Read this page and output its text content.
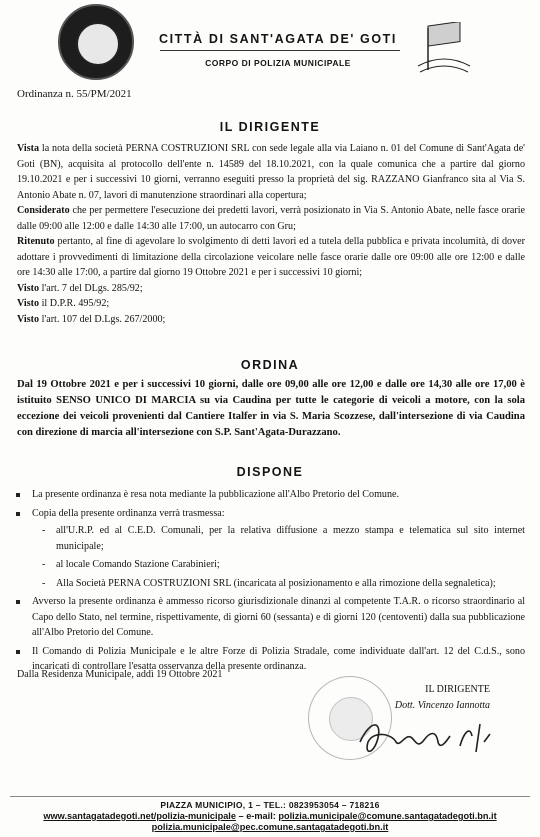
CITTÀ DI SANT'AGATA DE' GOTI
CORPO DI POLIZIA MUNICIPALE
Ordinanza n. 55/PM/2021
IL DIRIGENTE

Vista la nota della società PERNA COSTRUZIONI SRL con sede legale alla via Laiano n. 01 del Comune di Sant'Agata de' Goti (BN), acquisita al protocollo dell'ente n. 14589 del 18.10.2021, con la quale comunica che a partire dal giorno 19.10.2021 e per i successivi 10 giorni, verranno eseguiti presso la proprietà del sig. RAZZANO Gianfranco sita al Via S. Antonio Abate n. 07, lavori di manutenzione straordinari alla copertura;

Considerato che per permettere l'esecuzione dei predetti lavori, verrà posizionato in Via S. Antonio Abate, nelle fasce orarie dalle 09:00 alle 12:00 e dalle 14:30 alle 17:00, un autocarro con Gru;

Ritenuto pertanto, al fine di agevolare lo svolgimento di detti lavori ed a tutela della pubblica e privata incolumità, di dover adottare i provvedimenti di limitazione della circolazione veicolare nelle fasce orarie dalle ore 09:00 alle ore 12:00 e dalle ore 14:30 alle 17:00, a partire dal giorno 19 Ottobre 2021 e per i successivi 10 giorni;

Visto l'art. 7 del DLgs. 285/92;

Visto il D.P.R. 495/92;

Visto l'art. 107 del D.Lgs. 267/2000;

ORDINA

Dal 19 Ottobre 2021 e per i successivi 10 giorni, dalle ore 09,00 alle ore 12,00 e dalle ore 14,30 alle ore 17,00 è istituito SENSO UNICO DI MARCIA su via Caudina per tutte le categorie di veicoli a motore, con la sola eccezione dei veicoli provenienti dal Cantiere Italfer in via S. Maria Scozzese, dall'intersezione di via Caudina con direzione di marcia all'intersezione con S.P. Sant'Agata-Durazzano.

DISPONE
La presente ordinanza è resa nota mediante la pubblicazione all'Albo Pretorio del Comune.
Copia della presente ordinanza verrà trasmessa:
- all'U.R.P. ed al C.E.D. Comunali, per la relativa diffusione a mezzo stampa e telematica sul sito internet municipale;
- al locale Comando Stazione Carabinieri;
- Alla Società PERNA COSTRUZIONI SRL (incaricata al posizionamento e alla rimozione della segnaletica);
Avverso la presente ordinanza è ammesso ricorso giurisdizionale dinanzi al competente T.A.R. o ricorso straordinario al Capo dello Stato, nel termine, rispettivamente, di giorni 60 (sessanta) e di giorni 120 (centoventi) dalla sua pubblicazione all'Albo Pretorio del Comune.
Il Comando di Polizia Municipale e le altre Forze di Polizia Stradale, come individuate dall'art. 12 del C.d.S., sono incaricati di controllare l'esatta osservanza della presente ordinanza.
Dalla Residenza Municipale, addì 19 Ottobre 2021
IL DIRIGENTE
Dott. Vincenzo Iannotta
PIAZZA MUNICIPIO, 1 – TEL.: 0823953054 – 718216
www.santagatadegoti.net/polizia-municipale – e-mail: polizia.municipale@comune.santagatadegoti.bn.it
polizia.municipale@pec.comune.santagatadegoti.bn.it
